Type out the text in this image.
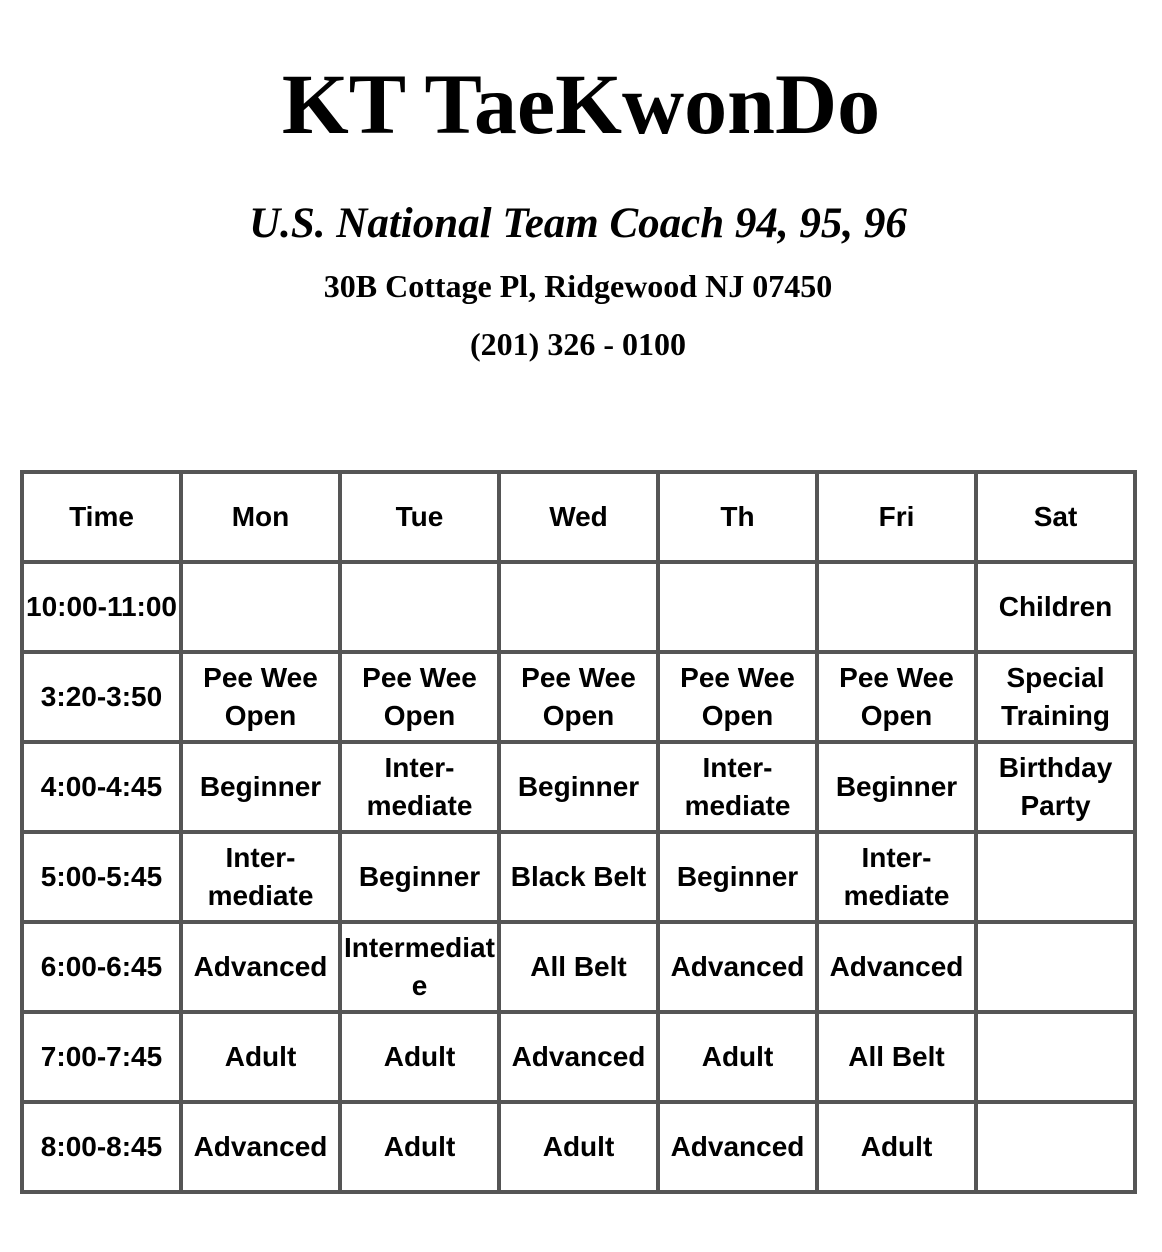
KT TaeKwonDo
U.S. National Team Coach 94, 95, 96
30B Cottage Pl, Ridgewood NJ 07450
(201) 326 - 0100
Time	Mon	Tue	Wed	Th	Fri	Sat
10:00-11:00						Children
3:20-3:50	Pee Wee Open	Pee Wee Open	Pee Wee Open	Pee Wee Open	Pee Wee Open	Special Training
4:00-4:45	Beginner	Inter-mediate	Beginner	Inter-mediate	Beginner	Birthday Party
5:00-5:45	Inter-mediate	Beginner	Black Belt	Beginner	Inter-mediate	
6:00-6:45	Advanced	Intermediate	All Belt	Advanced	Advanced	
7:00-7:45	Adult	Adult	Advanced	Adult	All Belt	
8:00-8:45	Advanced	Adult	Adult	Advanced	Adult	
